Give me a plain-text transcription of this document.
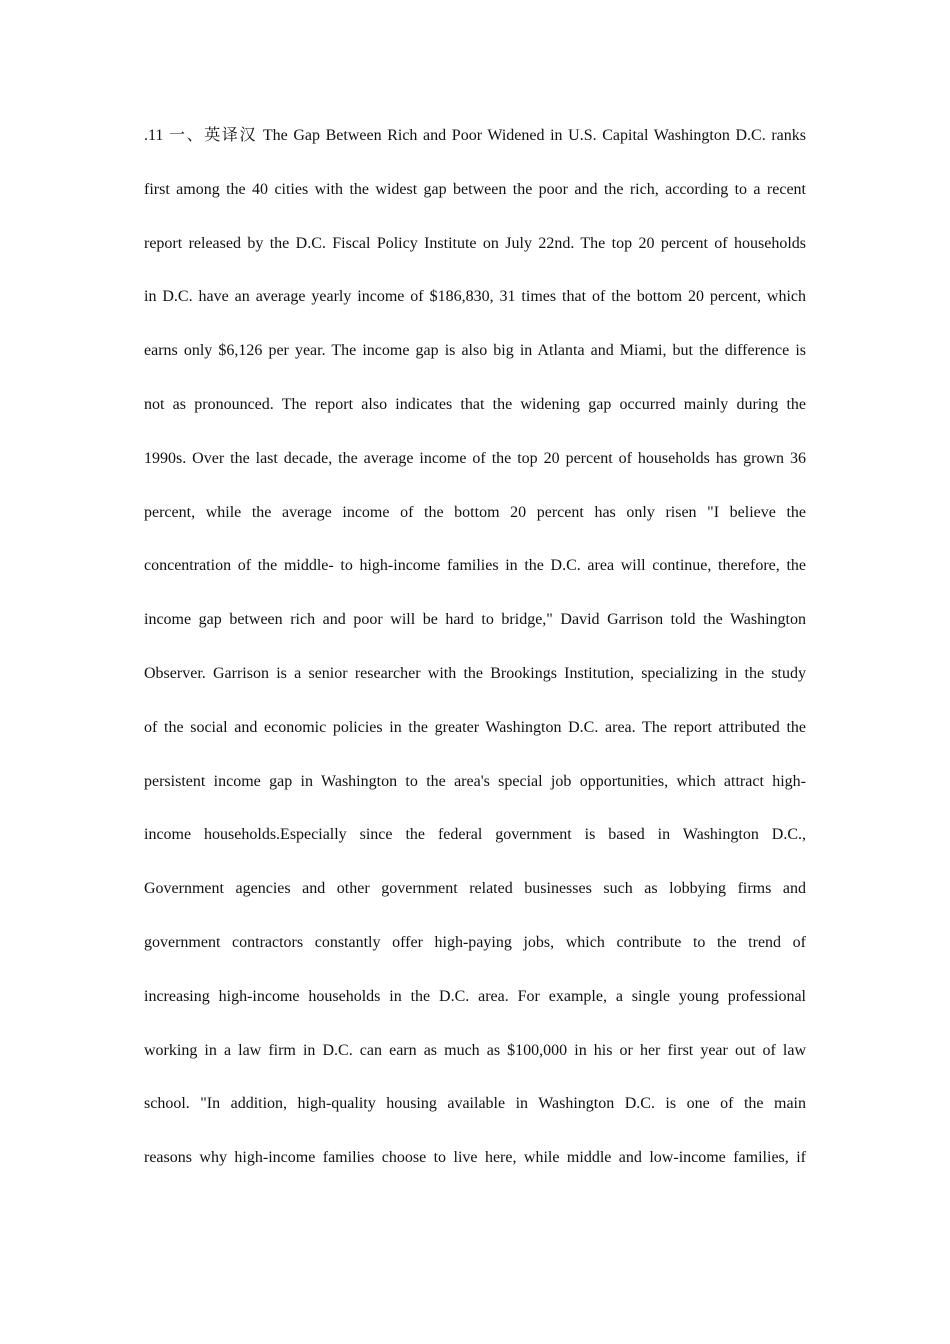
.11 一、英译汉 The Gap Between Rich and Poor Widened in U.S. Capital Washington D.C. ranks
first among the 40 cities with the widest gap between the poor and the rich, according to a recent
report released by the D.C. Fiscal Policy Institute on July 22nd. The top 20 percent of households
in D.C. have an average yearly income of $186,830, 31 times that of the bottom 20 percent, which
earns only $6,126 per year. The income gap is also big in Atlanta and Miami, but the difference is
not as pronounced. The report also indicates that the widening gap occurred mainly during the
1990s. Over the last decade, the average income of the top 20 percent of households has grown 36
percent, while the average income of the bottom 20 percent has only risen "I believe the
concentration of the middle- to high-income families in the D.C. area will continue, therefore, the
income gap between rich and poor will be hard to bridge," David Garrison told the Washington
Observer. Garrison is a senior researcher with the Brookings Institution, specializing in the study
of the social and economic policies in the greater Washington D.C. area. The report attributed the
persistent income gap in Washington to the area's special job opportunities, which attract high-
income households.Especially since the federal government is based in Washington D.C.,
Government agencies and other government related businesses such as lobbying firms and
government contractors constantly offer high-paying jobs, which contribute to the trend of
increasing high-income households in the D.C. area. For example, a single young professional
working in a law firm in D.C. can earn as much as $100,000 in his or her first year out of law
school. "In addition, high-quality housing available in Washington D.C. is one of the main
reasons why high-income families choose to live here, while middle and low-income families, if
